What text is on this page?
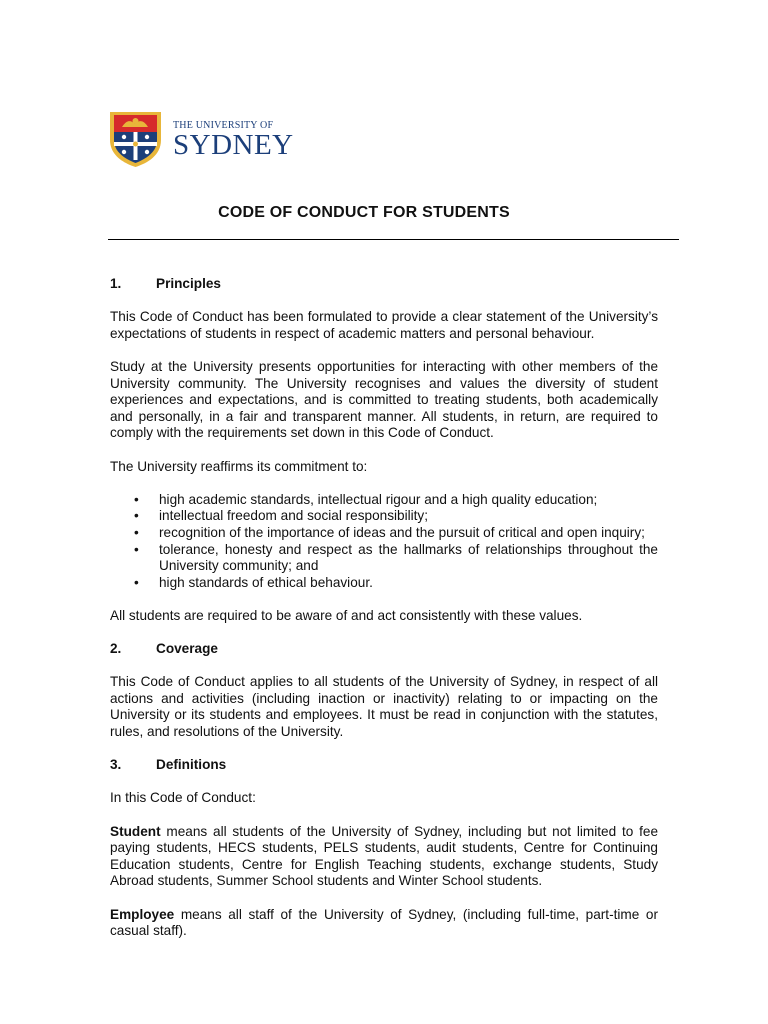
THE UNIVERSITY OF
SYDNEY
CODE OF CONDUCT FOR STUDENTS
1.	Principles

This Code of Conduct has been formulated to provide a clear statement of the University’s expectations of students in respect of academic matters and personal behaviour.

Study at the University presents opportunities for interacting with other members of the University community. The University recognises and values the diversity of student experiences and expectations, and is committed to treating students, both academically and personally, in a fair and transparent manner. All students, in return, are required to comply with the requirements set down in this Code of Conduct.

The University reaffirms its commitment to:

• high academic standards, intellectual rigour and a high quality education;
• intellectual freedom and social responsibility;
• recognition of the importance of ideas and the pursuit of critical and open inquiry;
• tolerance, honesty and respect as the hallmarks of relationships throughout the University community; and
• high standards of ethical behaviour.

All students are required to be aware of and act consistently with these values.

2.	Coverage

This Code of Conduct applies to all students of the University of Sydney, in respect of all actions and activities (including inaction or inactivity) relating to or impacting on the University or its students and employees. It must be read in conjunction with the statutes, rules, and resolutions of the University.

3.	Definitions

In this Code of Conduct:

Student means all students of the University of Sydney, including but not limited to fee paying students, HECS students, PELS students, audit students, Centre for Continuing Education students, Centre for English Teaching students, exchange students, Study Abroad students, Summer School students and Winter School students.

Employee means all staff of the University of Sydney, (including full-time, part-time or casual staff).
